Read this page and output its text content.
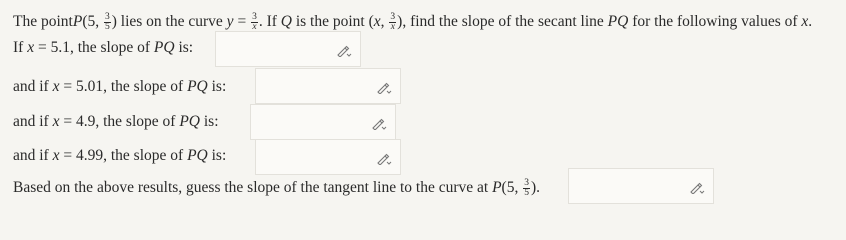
The point P ( 5 , $\frac{3}{5}$ ) lies on the curve $y = \frac{3}{x}$ . If Q is the point ( x , $\frac{3}{x}$ ) , find the slope of the secant line PQ for the following values of x .
If x = 5.1 , the slope of PQ is:
and if x = 5.01 , the slope of PQ is:
and if x = 4.9 , the slope of PQ is:
and if x = 4.99 , the slope of PQ is:
Based on the above results, guess the slope of the tangent line to the curve at P ( 5 , $\frac{3}{5}$ ) .
